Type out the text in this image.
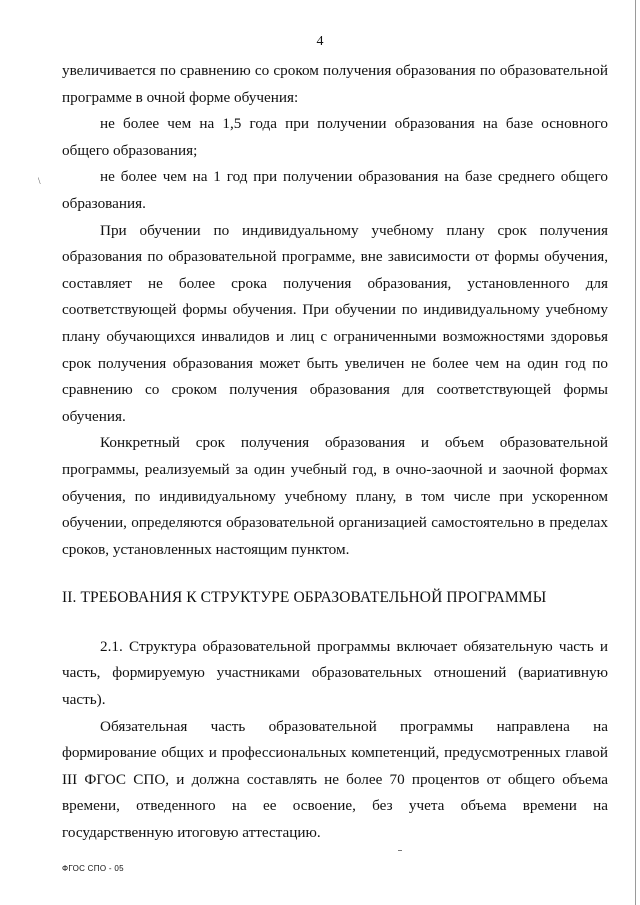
4
\

увеличивается по сравнению со сроком получения образования по образовательной программе в очной форме обучения:

не более чем на 1,5 года при получении образования на базе основного общего образования;

не более чем на 1 год при получении образования на базе среднего общего образования.

При обучении по индивидуальному учебному плану срок получения образования по образовательной программе, вне зависимости от формы обучения, составляет не более срока получения образования, установленного для соответствующей формы обучения. При обучении по индивидуальному учебному плану обучающихся инвалидов и лиц с ограниченными возможностями здоровья срок получения образования может быть увеличен не более чем на один год по сравнению со сроком получения образования для соответствующей формы обучения.

Конкретный срок получения образования и объем образовательной программы, реализуемый за один учебный год, в очно-заочной и заочной формах обучения, по индивидуальному учебному плану, в том числе при ускоренном обучении, определяются образовательной организацией самостоятельно в пределах сроков, установленных настоящим пунктом.

II. ТРЕБОВАНИЯ К СТРУКТУРЕ ОБРАЗОВАТЕЛЬНОЙ ПРОГРАММЫ

2.1. Структура образовательной программы включает обязательную часть и часть, формируемую участниками образовательных отношений (вариативную часть).

Обязательная часть образовательной программы направлена на формирование общих и профессиональных компетенций, предусмотренных главой III ФГОС СПО, и должна составлять не более 70 процентов от общего объема времени, отведенного на ее освоение, без учета объема времени на государственную итоговую аттестацию.

ФГОС СПО - 05
